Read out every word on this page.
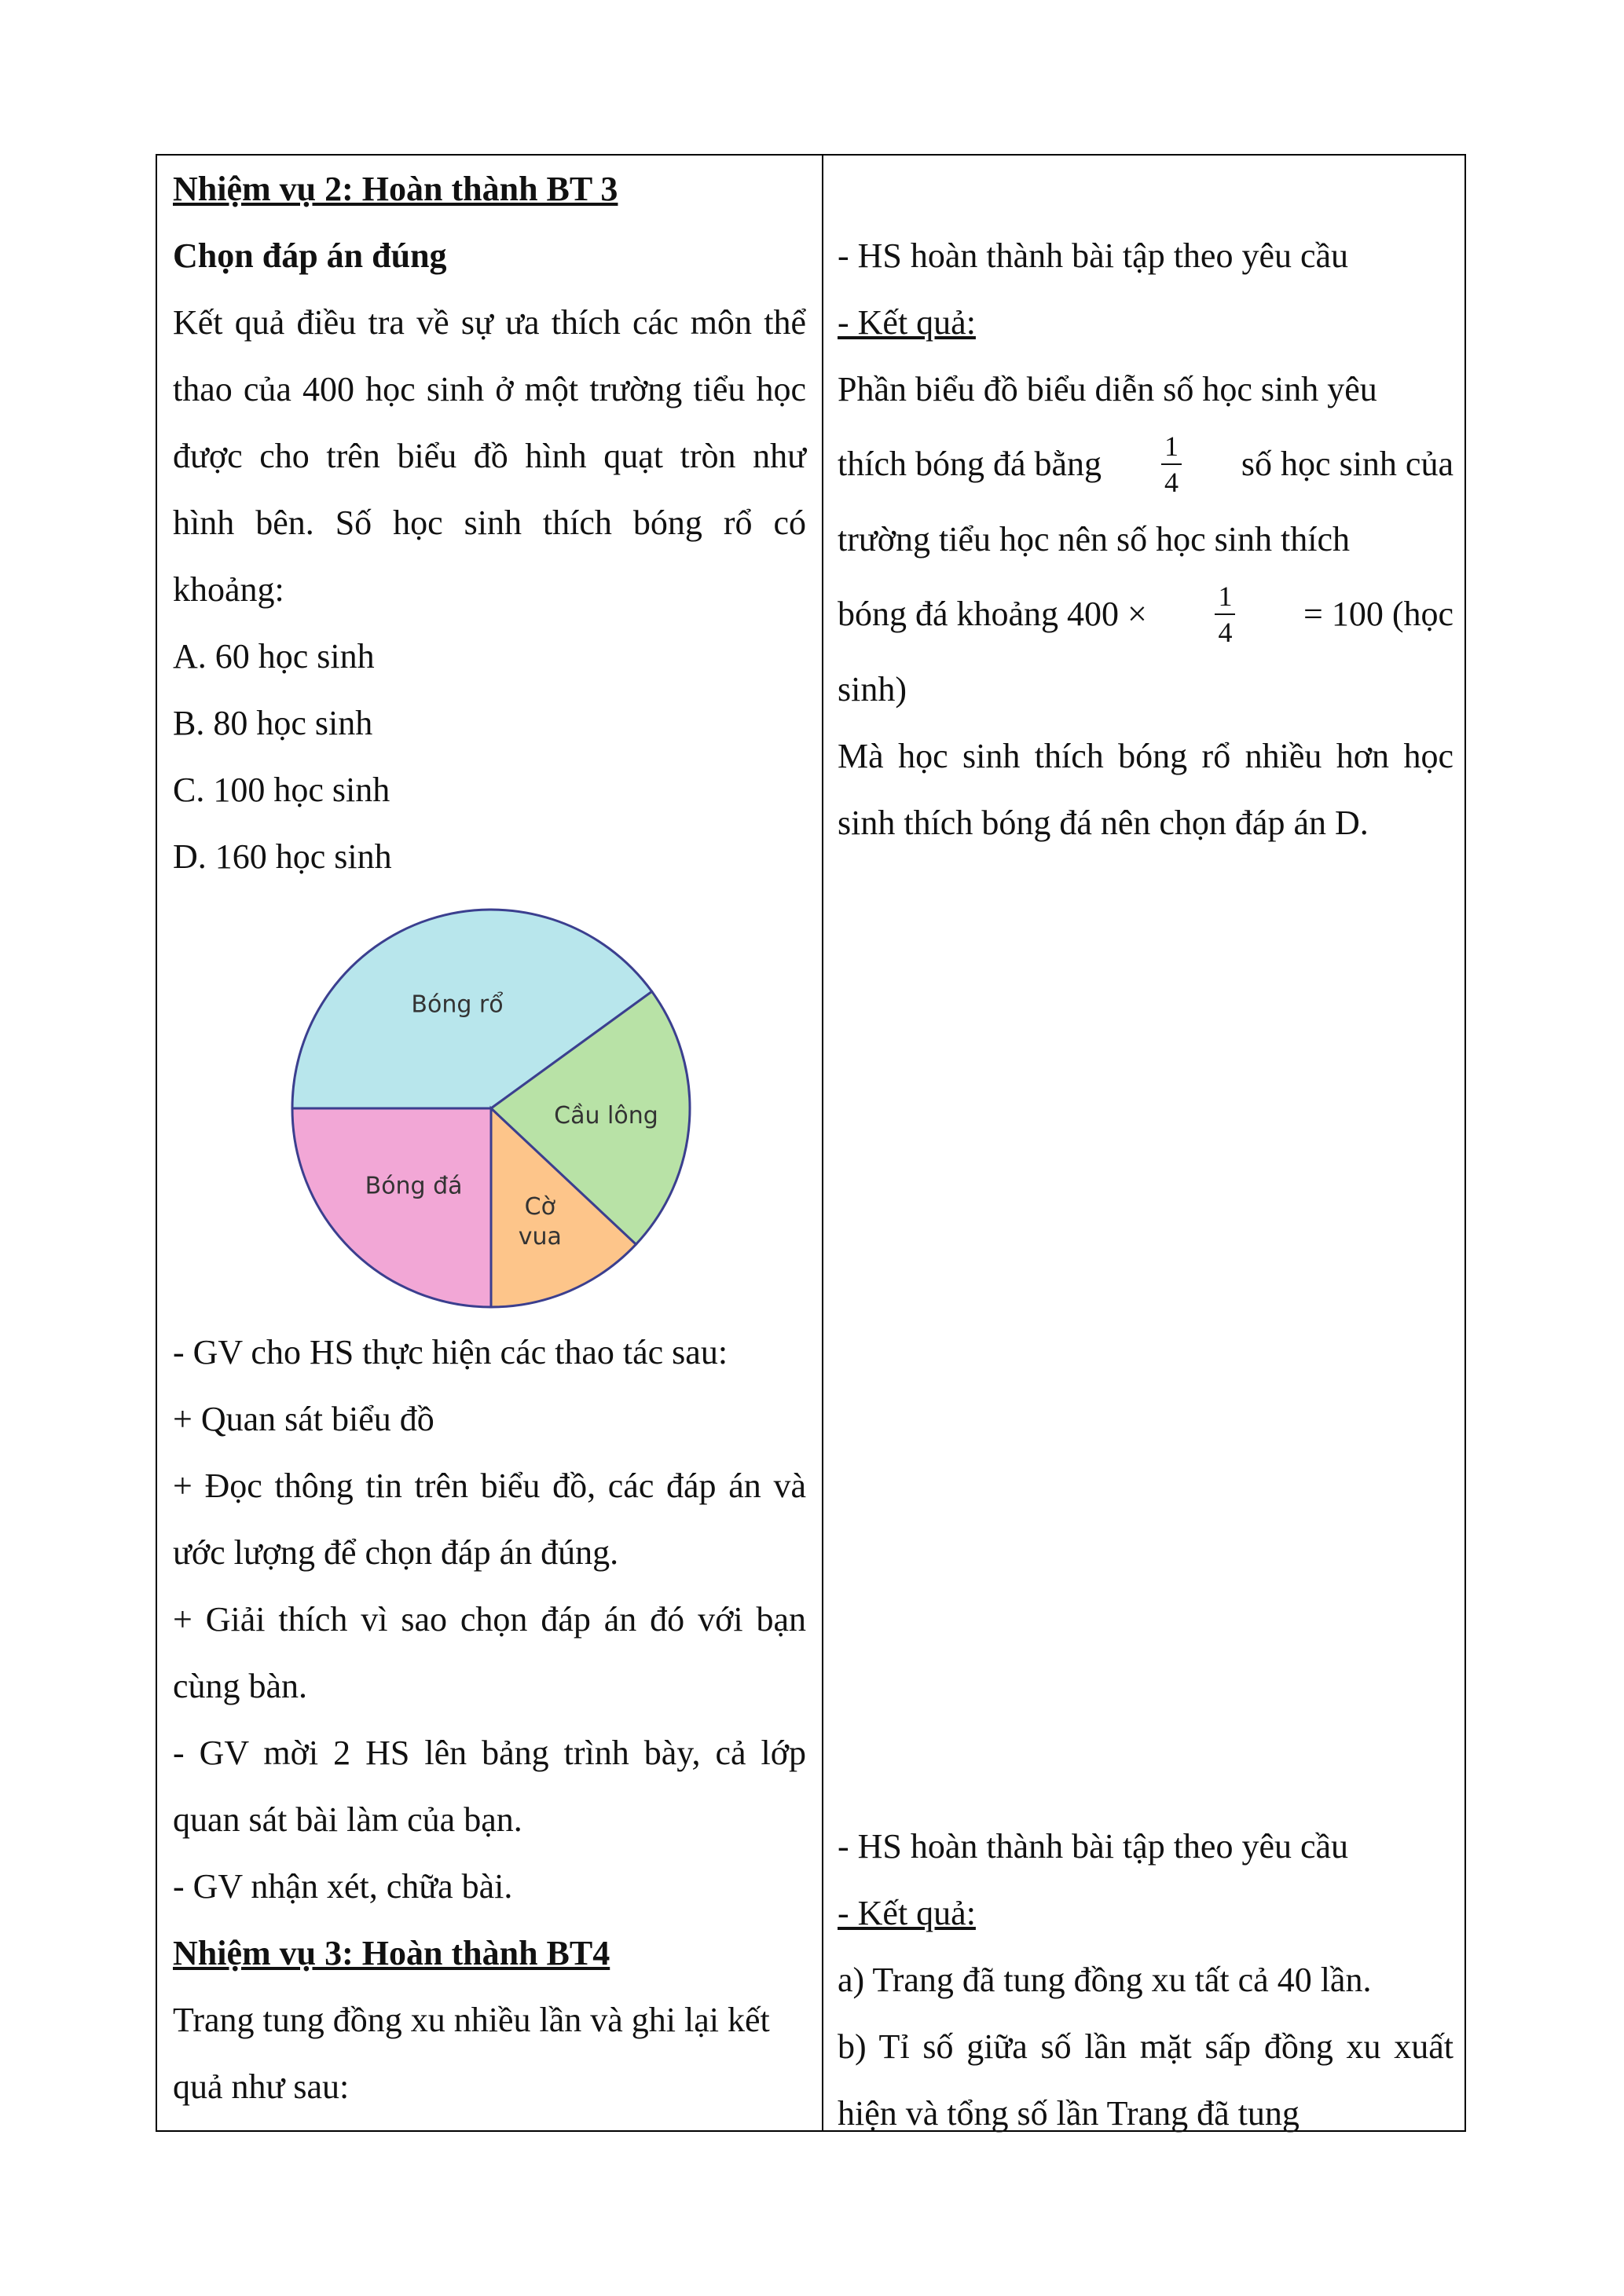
Nhiệm vụ 2: Hoàn thành BT 3

Chọn đáp án đúng

Kết quả điều tra về sự ưa thích các môn thể thao của 400 học sinh ở một trường tiểu học được cho trên biểu đồ hình quạt tròn như hình bên. Số học sinh thích bóng rổ có khoảng:

A. 60 học sinh

B. 80 học sinh

C. 100 học sinh

D. 160 học sinh

Bóng rổ
Cầu lông
Cờ vua
Bóng đá

- GV cho HS thực hiện các thao tác sau:

+ Quan sát biểu đồ

+ Đọc thông tin trên biểu đồ, các đáp án và ước lượng để chọn đáp án đúng.

+ Giải thích vì sao chọn đáp án đó với bạn cùng bàn.

- GV mời 2 HS lên bảng trình bày, cả lớp quan sát bài làm của bạn.

- GV nhận xét, chữa bài.

Nhiệm vụ 3: Hoàn thành BT4

Trang tung đồng xu nhiều lần và ghi lại kết quả như sau:

- HS hoàn thành bài tập theo yêu cầu

- Kết quả:

Phần biểu đồ biểu diễn số học sinh yêu

thích bóng đá bằng $\frac{1}{4}$ số học sinh của

trường tiểu học nên số học sinh thích

bóng đá khoảng $400 \times \frac{1}{4} = 100$ (học

sinh)

Mà học sinh thích bóng rổ nhiều hơn học sinh thích bóng đá nên chọn đáp án D.

- HS hoàn thành bài tập theo yêu cầu

- Kết quả:

a) Trang đã tung đồng xu tất cả 40 lần.

b) Tỉ số giữa số lần mặt sấp đồng xu xuất hiện và tổng số lần Trang đã tung
